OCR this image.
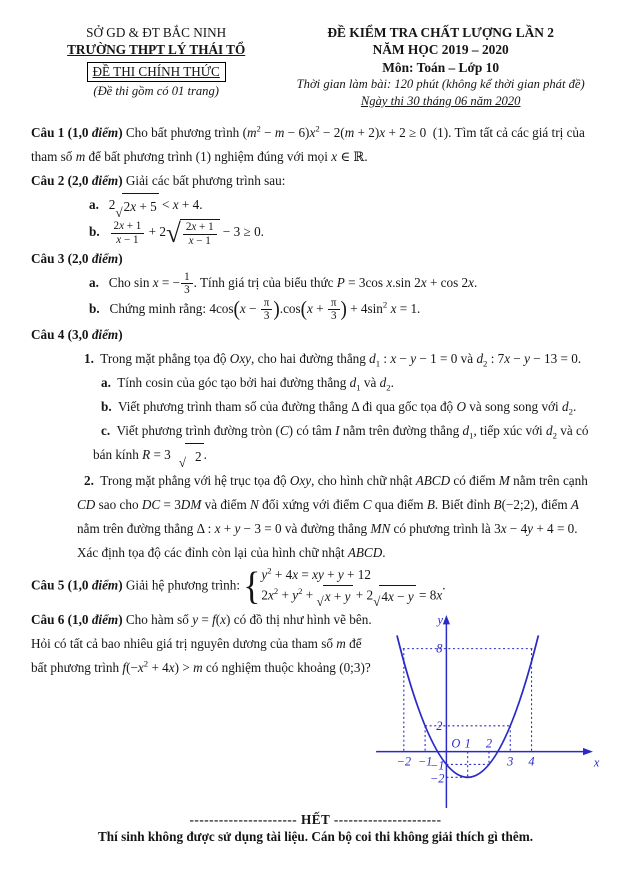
SỞ GD & ĐT BẮC NINH
TRƯỜNG THPT LÝ THÁI TỔ
ĐỀ THI CHÍNH THỨC
(Đề thi gồm có 01 trang)
ĐỀ KIỂM TRA CHẤT LƯỢNG LẦN 2
NĂM HỌC 2019 – 2020
Môn: Toán – Lớp 10
Thời gian làm bài: 120 phút (không kể thời gian phát đề)
Ngày thi 30 tháng 06 năm 2020

Câu 1 (1,0 điểm) Cho bất phương trình $(m^2 - m - 6)x^2 - 2(m + 2)x + 2 \ge 0$  (1). Tìm tất cả các giá trị của tham số m để bất phương trình (1) nghiệm đúng với mọi x ∈ ℝ.

Câu 2 (2,0 điểm) Giải các bất phương trình sau:

a.   2
√ 2x + 5 < x + 4.

b. $\frac{2x + 1}{x - 1} + 2$ √ $\frac{2x + 1}{x - 1} - 3 \ge 0$.

Câu 3 (2,0 điểm)

a.   Cho sin x = − $\frac{1}{3}$ . Tính giá trị của biểu thức P = 3cos x.sin 2x + cos 2x.

b.   Chứng minh rằng: $4\cos(x - \frac{\pi}{3} ).\cos(x + \frac{\pi}{3}$ ) + $4\sin^2$ x = 1.

Câu 4 (3,0 điểm)

1.  Trong mặt phẳng tọa độ Oxy, cho hai đường thẳng $d_1$ : x − y − 1 = 0 và $d_2$ : 7x − y − 13 = 0.

a.  Tính cosin của góc tạo bởi hai đường thẳng $d_1$ và $d_2$.

b.  Viết phương trình tham số của đường thẳng Δ đi qua gốc tọa độ O và song song với $d_2$.

c.  Viết phương trình đường tròn (C) có tâm I nằm trên đường thẳng $d_1$, tiếp xúc với $d_2$ và có bán kính R = 3
√ 2 .

2.  Trong mặt phẳng với hệ trục tọa độ Oxy, cho hình chữ nhật ABCD có điểm M nằm trên cạnh CD sao cho DC = 3DM và điểm N đối xứng với điểm C qua điểm B. Biết đỉnh B(−2;2), điểm A nằm trên đường thẳng Δ : x + y − 3 = 0 và đường thẳng MN có phương trình là 3x − 4y + 4 = 0. Xác định tọa độ các đỉnh còn lại của hình chữ nhật ABCD.

Câu 5 (1,0 điểm) Giải hệ phương trình: { $y^2 + 4x$ = xy + y + 12
$2x^2 + y^2$ + √ x + y + 2 √ 4x − y = 8x
.

Câu 6 (1,0 điểm) Cho hàm số y = f(x) có đồ thị như hình vẽ bên. Hỏi có tất cả bao nhiêu giá trị nguyên dương của tham số m để bất phương trình $f(-x^2 + 4x) > m$ có nghiệm thuộc khoảng (0;3)?

x
y
O
−2 −1
1 2
3 4
8
2
−1
−2
---------------------- HẾT ----------------------
Thí sinh không được sử dụng tài liệu. Cán bộ coi thi không giải thích gì thêm.
